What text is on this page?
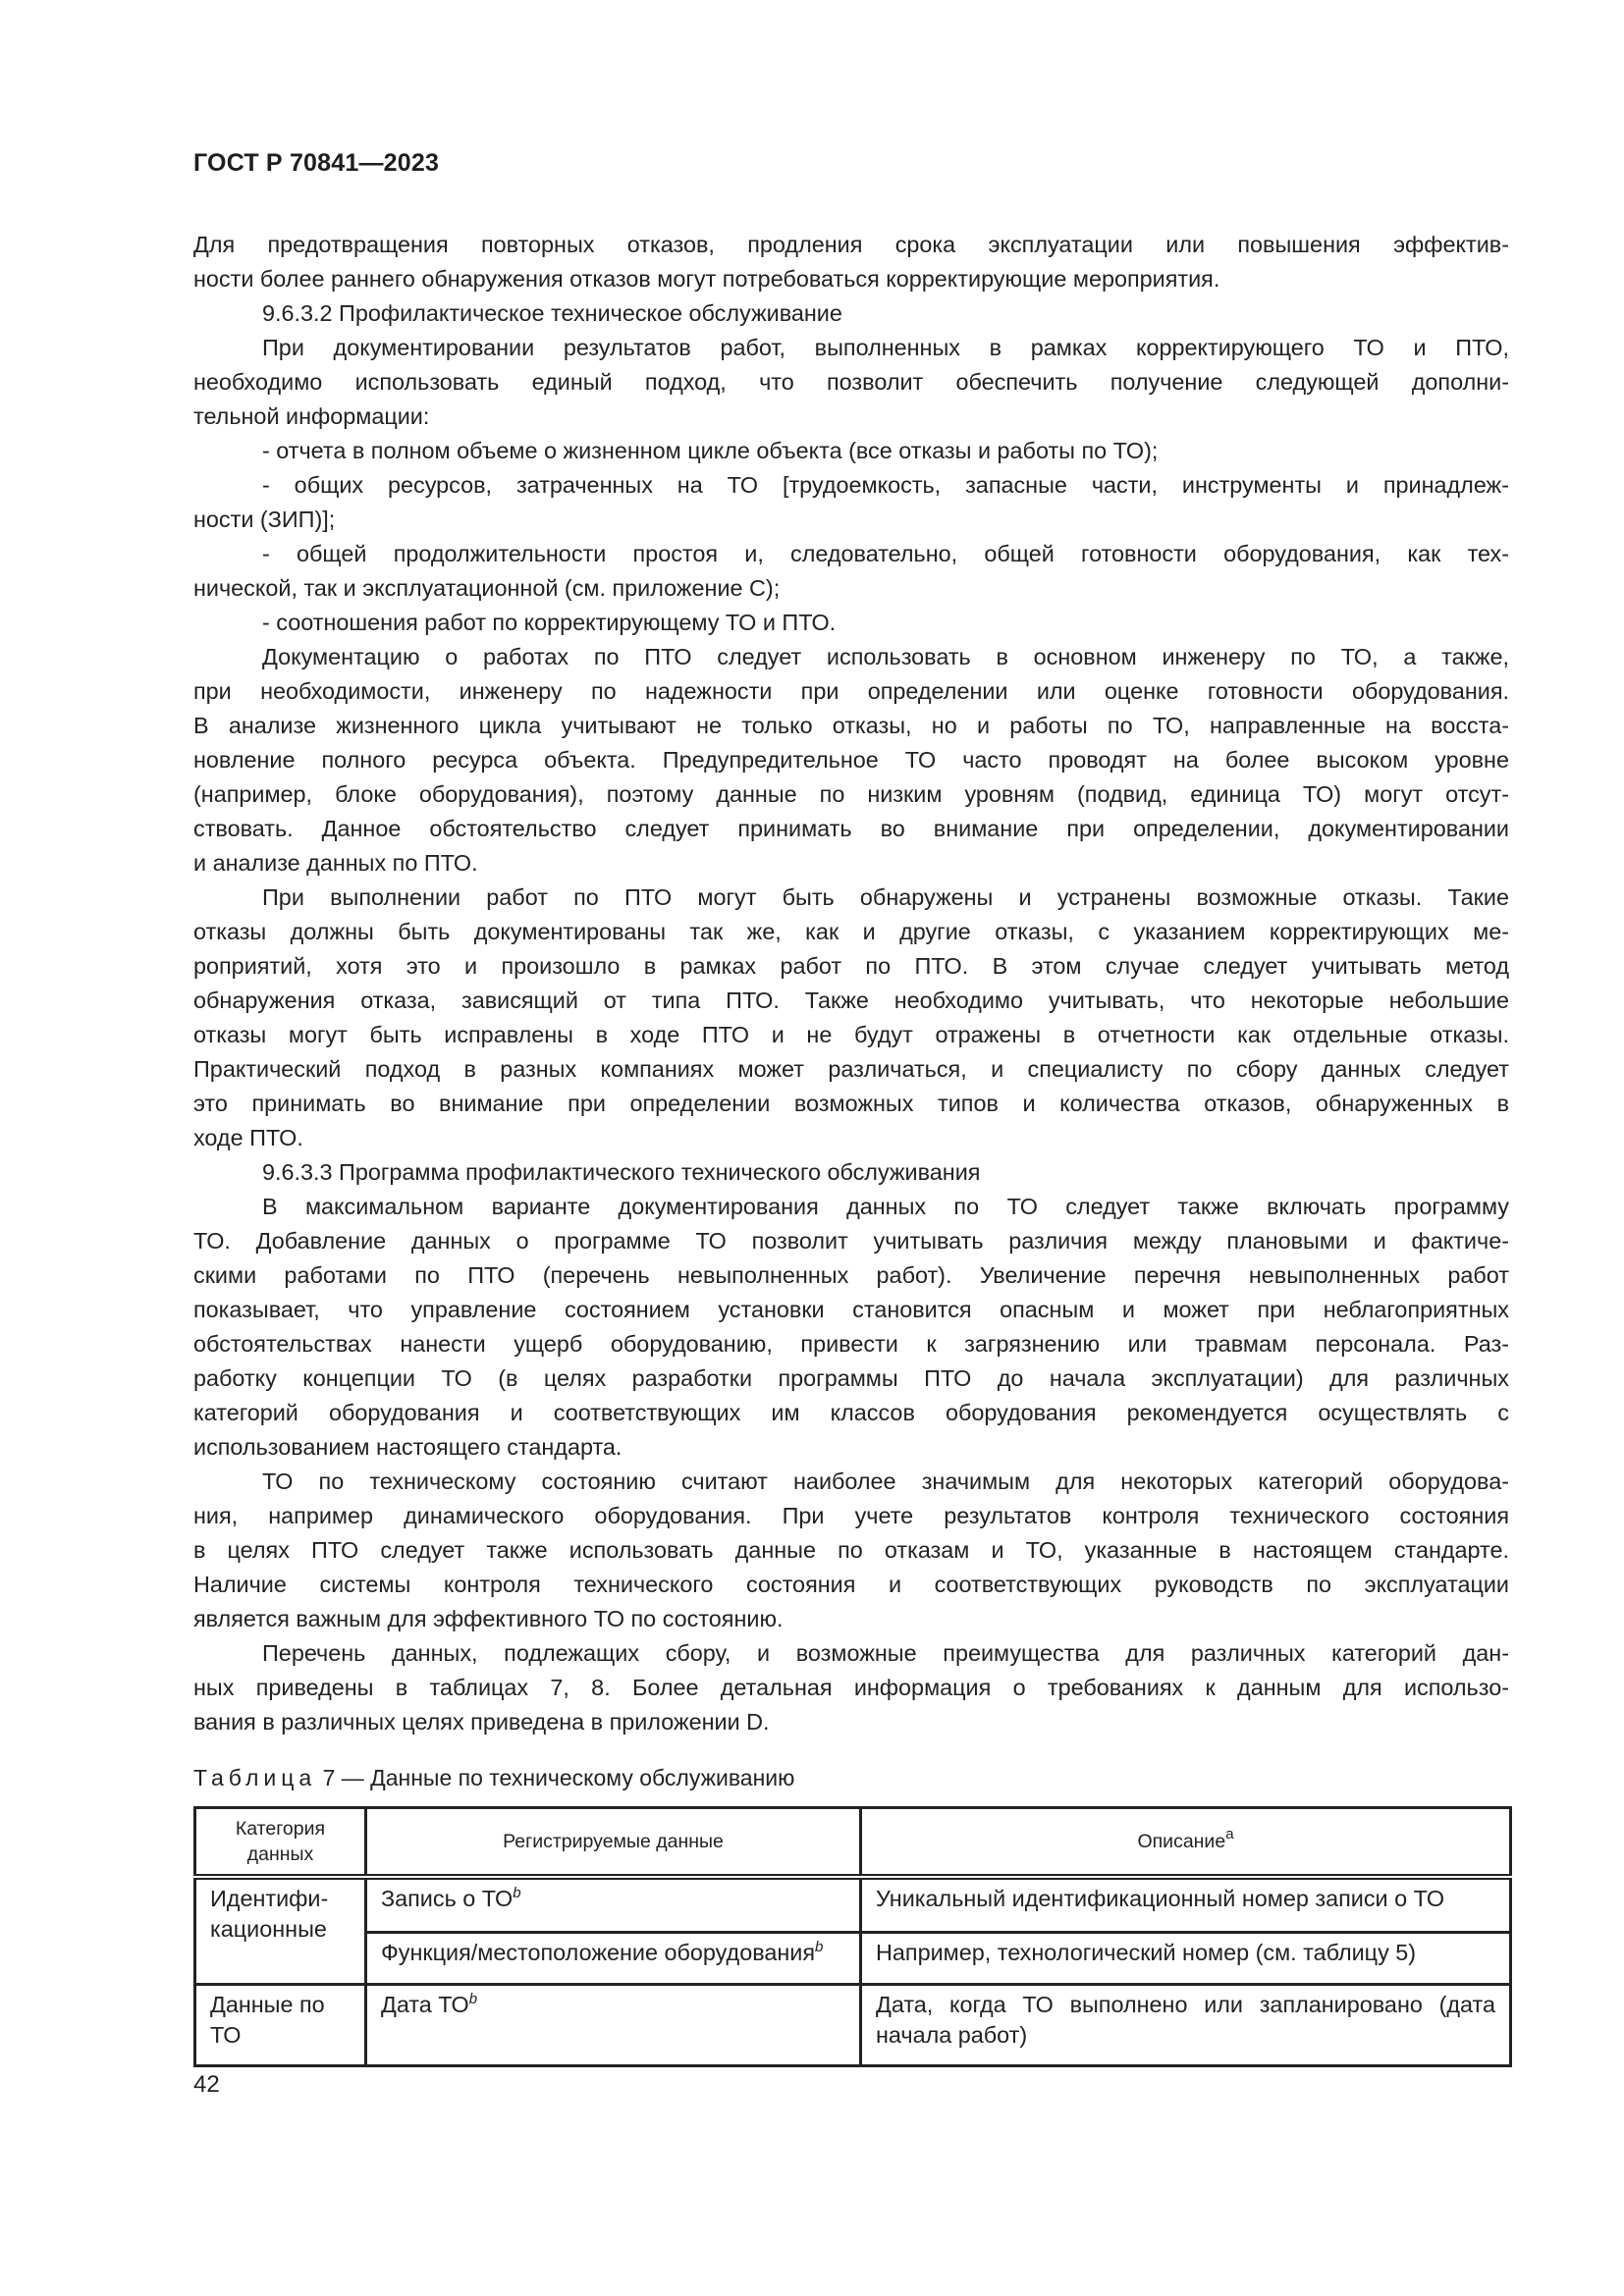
ГОСТ Р 70841—2023
Для предотвращения повторных отказов, продления срока эксплуатации или повышения эффектив-
ности более раннего обнаружения отказов могут потребоваться корректирующие мероприятия.
9.6.3.2 Профилактическое техническое обслуживание
При документировании результатов работ, выполненных в рамках корректирующего ТО и ПТО,
необходимо использовать единый подход, что позволит обеспечить получение следующей дополни-
тельной информации:
- отчета в полном объеме о жизненном цикле объекта (все отказы и работы по ТО);
- общих ресурсов, затраченных на ТО [трудоемкость, запасные части, инструменты и принадлеж-
ности (ЗИП)];
- общей продолжительности простоя и, следовательно, общей готовности оборудования, как тех-
нической, так и эксплуатационной (см. приложение С);
- соотношения работ по корректирующему ТО и ПТО.
Документацию о работах по ПТО следует использовать в основном инженеру по ТО, а также,
при необходимости, инженеру по надежности при определении или оценке готовности оборудования.
В анализе жизненного цикла учитывают не только отказы, но и работы по ТО, направленные на восста-
новление полного ресурса объекта. Предупредительное ТО часто проводят на более высоком уровне
(например, блоке оборудования), поэтому данные по низким уровням (подвид, единица ТО) могут отсут-
ствовать. Данное обстоятельство следует принимать во внимание при определении, документировании
и анализе данных по ПТО.
При выполнении работ по ПТО могут быть обнаружены и устранены возможные отказы. Такие
отказы должны быть документированы так же, как и другие отказы, с указанием корректирующих ме-
роприятий, хотя это и произошло в рамках работ по ПТО. В этом случае следует учитывать метод
обнаружения отказа, зависящий от типа ПТО. Также необходимо учитывать, что некоторые небольшие
отказы могут быть исправлены в ходе ПТО и не будут отражены в отчетности как отдельные отказы.
Практический подход в разных компаниях может различаться, и специалисту по сбору данных следует
это принимать во внимание при определении возможных типов и количества отказов, обнаруженных в
ходе ПТО.
9.6.3.3 Программа профилактического технического обслуживания
В максимальном варианте документирования данных по ТО следует также включать программу
ТО. Добавление данных о программе ТО позволит учитывать различия между плановыми и фактиче-
скими работами по ПТО (перечень невыполненных работ). Увеличение перечня невыполненных работ
показывает, что управление состоянием установки становится опасным и может при неблагоприятных
обстоятельствах нанести ущерб оборудованию, привести к загрязнению или травмам персонала. Раз-
работку концепции ТО (в целях разработки программы ПТО до начала эксплуатации) для различных
категорий оборудования и соответствующих им классов оборудования рекомендуется осуществлять с
использованием настоящего стандарта.
ТО по техническому состоянию считают наиболее значимым для некоторых категорий оборудова-
ния, например динамического оборудования. При учете результатов контроля технического состояния
в целях ПТО следует также использовать данные по отказам и ТО, указанные в настоящем стандарте.
Наличие системы контроля технического состояния и соответствующих руководств по эксплуатации
является важным для эффективного ТО по состоянию.
Перечень данных, подлежащих сбору, и возможные преимущества для различных категорий дан-
ных приведены в таблицах 7, 8. Более детальная информация о требованиях к данным для использо-
вания в различных целях приведена в приложении D.
Таблица 7 — Данные по техническому обслуживанию
Категория данных	Регистрируемые данные	Описание$^a$
Идентифи- кационные	Запись о $ТО^b$	Уникальный идентификационный номер записи о ТО
	Функция/местоположение оборудования$^b$	Например, технологический номер (см. таблицу 5)
Данные по ТО	Дата $ТО^b$	Дата, когда ТО выполнено или запланировано (дата начала работ)
42
